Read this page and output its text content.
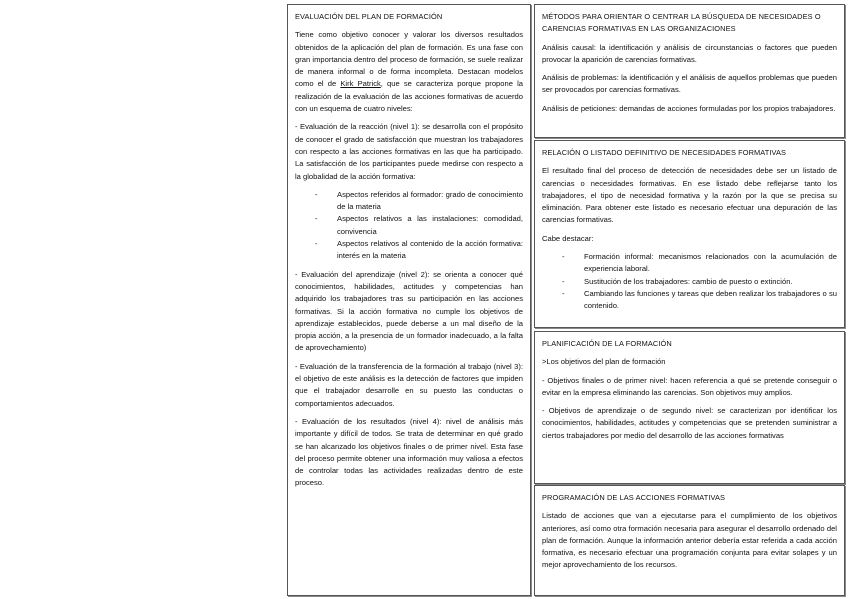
EVALUACIÓN DEL PLAN DE FORMACIÓN

Tiene como objetivo conocer y valorar los diversos resultados obtenidos de la aplicación del plan de formación. Es una fase con gran importancia dentro del proceso de formación, se suele realizar de manera informal o de forma incompleta. Destacan modelos como el de Kirk Patrick, que se caracteriza porque propone la realización de la evaluación de las acciones formativas de acuerdo con un esquema de cuatro niveles:

- Evaluación de la reacción (nivel 1): se desarrolla con el propósito de conocer el grado de satisfacción que muestran los trabajadores con respecto a las acciones formativas en las que ha participado. La satisfacción de los participantes puede medirse con respecto a la globalidad de la acción formativa:

- Aspectos referidos al formador: grado de conocimiento de la materia
- Aspectos relativos a las instalaciones: comodidad, convivencia
- Aspectos relativos al contenido de la acción formativa: interés en la materia

- Evaluación del aprendizaje (nivel 2): se orienta a conocer qué conocimientos, habilidades, actitudes y competencias han adquirido los trabajadores tras su participación en las acciones formativas. Si la acción formativa no cumple los objetivos de aprendizaje establecidos, puede deberse a un mal diseño de la propia acción, a la presencia de un formador inadecuado, a la falta de aprovechamiento)

- Evaluación de la transferencia de la formación al trabajo (nivel 3): el objetivo de este análisis es la detección de factores que impiden que el trabajador desarrolle en su puesto las conductas o comportamientos adecuados.

- Evaluación de los resultados (nivel 4): nivel de análisis más importante y difícil de todos. Se trata de determinar en qué grado se han alcanzado los objetivos finales o de primer nivel. Esta fase del proceso permite obtener una información muy valiosa a efectos de controlar todas las actividades realizadas dentro de este proceso.

MÉTODOS PARA ORIENTAR O CENTRAR LA BÚSQUEDA DE NECESIDADES O CARENCIAS FORMATIVAS EN LAS ORGANIZACIONES

Análisis causal: la identificación y análisis de circunstancias o factores que pueden provocar la aparición de carencias formativas.

Análisis de problemas: la identificación y el análisis de aquellos problemas que pueden ser provocados por carencias formativas.

Análisis de peticiones: demandas de acciones formuladas por los propios trabajadores.

RELACIÓN O LISTADO DEFINITIVO DE NECESIDADES FORMATIVAS

El resultado final del proceso de detección de necesidades debe ser un listado de carencias o necesidades formativas. En ese listado debe reflejarse tanto los trabajadores, el tipo de necesidad formativa y la razón por la que se precisa su eliminación. Para obtener este listado es necesario efectuar una depuración de las carencias formativas.

Cabe destacar:

- Formación informal: mecanismos relacionados con la acumulación de experiencia laboral.
- Sustitución de los trabajadores: cambio de puesto o extinción.
- Cambiando las funciones y tareas que deben realizar los trabajadores o su contenido.
PLANIFICACIÓN DE LA FORMACIÓN

>Los objetivos del plan de formación

- Objetivos finales o de primer nivel: hacen referencia a qué se pretende conseguir o evitar en la empresa eliminando las carencias. Son objetivos muy amplios.

- Objetivos de aprendizaje o de segundo nivel: se caracterizan por identificar los conocimientos, habilidades, actitudes y competencias que se pretenden suministrar a ciertos trabajadores por medio del desarrollo de las acciones formativas

PROGRAMACIÓN DE LAS ACCIONES FORMATIVAS

Listado de acciones que van a ejecutarse para el cumplimiento de los objetivos anteriores, así como otra formación necesaria para asegurar el desarrollo ordenado del plan de formación. Aunque la información anterior debería estar referida a cada acción formativa, es necesario efectuar una programación conjunta para evitar solapes y un mejor aprovechamiento de los recursos.
